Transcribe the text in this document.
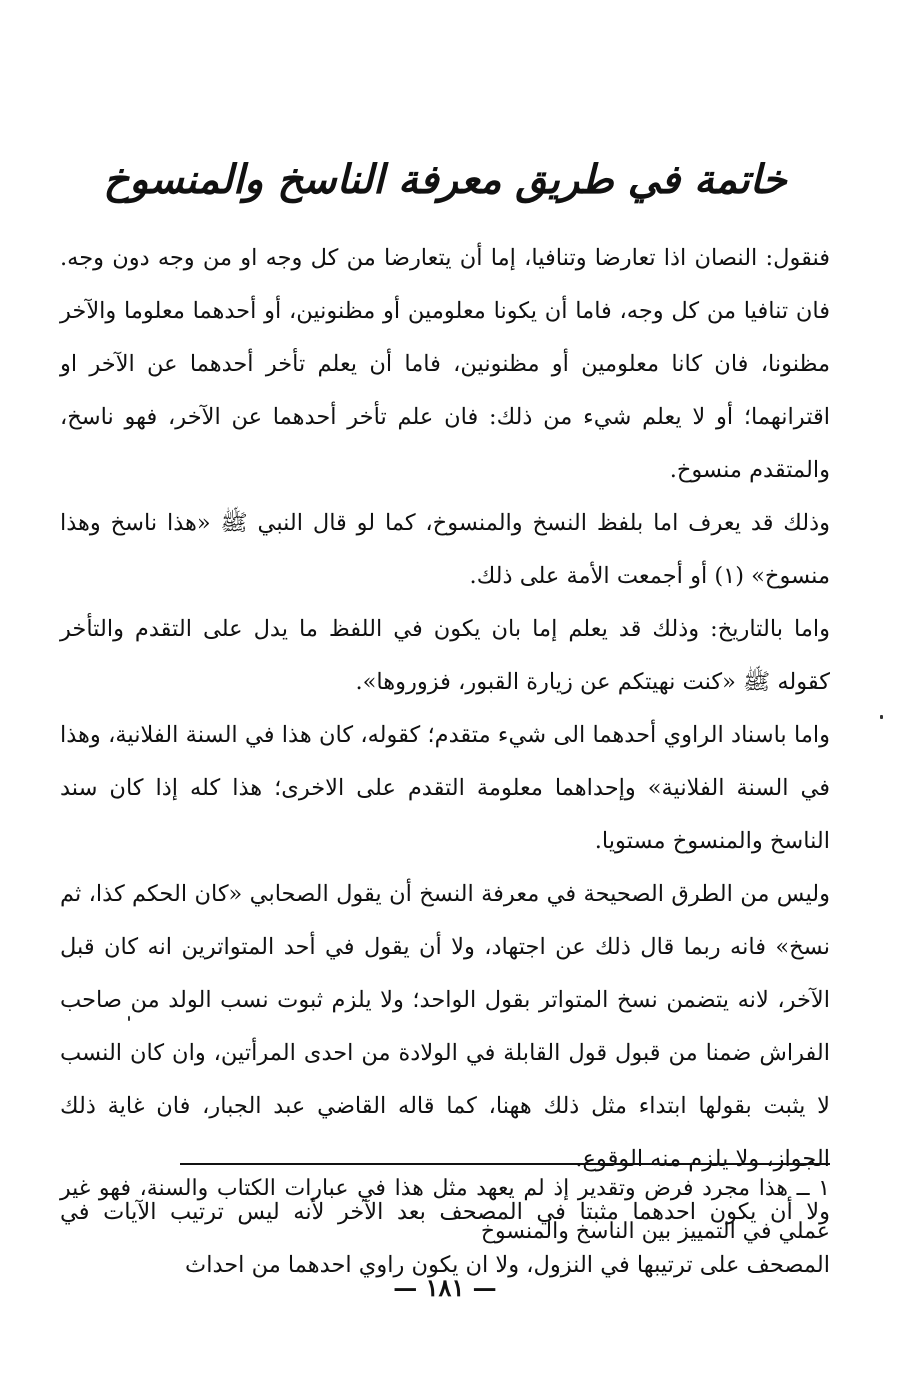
خاتمة في طريق معرفة الناسخ والمنسوخ

فنقول: النصان اذا تعارضا وتنافيا، إما أن يتعارضا من كل وجه او من وجه دون وجه. فان تنافيا من كل وجه، فاما أن يكونا معلومين أو مظنونين، أو أحدهما معلوما والآخر مظنونا، فان كانا معلومين أو مظنونين، فاما أن يعلم تأخر أحدهما عن الآخر او اقترانهما؛ أو لا يعلم شيء من ذلك: فان علم تأخر أحدهما عن الآخر، فهو ناسخ، والمتقدم منسوخ.

وذلك قد يعرف اما بلفظ النسخ والمنسوخ، كما لو قال النبي ﷺ «هذا ناسخ وهذا منسوخ» (١) أو أجمعت الأمة على ذلك.

واما بالتاريخ: وذلك قد يعلم إما بان يكون في اللفظ ما يدل على التقدم والتأخر كقوله ﷺ «كنت نهيتكم عن زيارة القبور، فزوروها».

واما باسناد الراوي أحدهما الى شيء متقدم؛ كقوله، كان هذا في السنة الفلانية، وهذا في السنة الفلانية» وإحداهما معلومة التقدم على الاخرى؛ هذا كله إذا كان سند الناسخ والمنسوخ مستويا.

وليس من الطرق الصحيحة في معرفة النسخ أن يقول الصحابي «كان الحكم كذا، ثم نسخ» فانه ربما قال ذلك عن اجتهاد، ولا أن يقول في أحد المتواترين انه كان قبل الآخر، لانه يتضمن نسخ المتواتر بقول الواحد؛ ولا يلزم ثبوت نسب الولد من صاحب الفراش ضمنا من قبول قول القابلة في الولادة من احدى المرأتين، وان كان النسب لا يثبت بقولها ابتداء مثل ذلك ههنا، كما قاله القاضي عبد الجبار، فان غاية ذلك الجواز، ولا يلزم منه الوقوع.

ولا أن يكون احدهما مثبتا في المصحف بعد الآخر لأنه ليس ترتيب الآيات في المصحف على ترتيبها في النزول، ولا ان يكون راوي احدهما من احداث

١ ــ هذا مجرد فرض وتقدير إذ لم يعهد مثل هذا في عبارات الكتاب والسنة، فهو غير عملي في التمييز بين الناسخ والمنسوخ
— ١٨١ —
